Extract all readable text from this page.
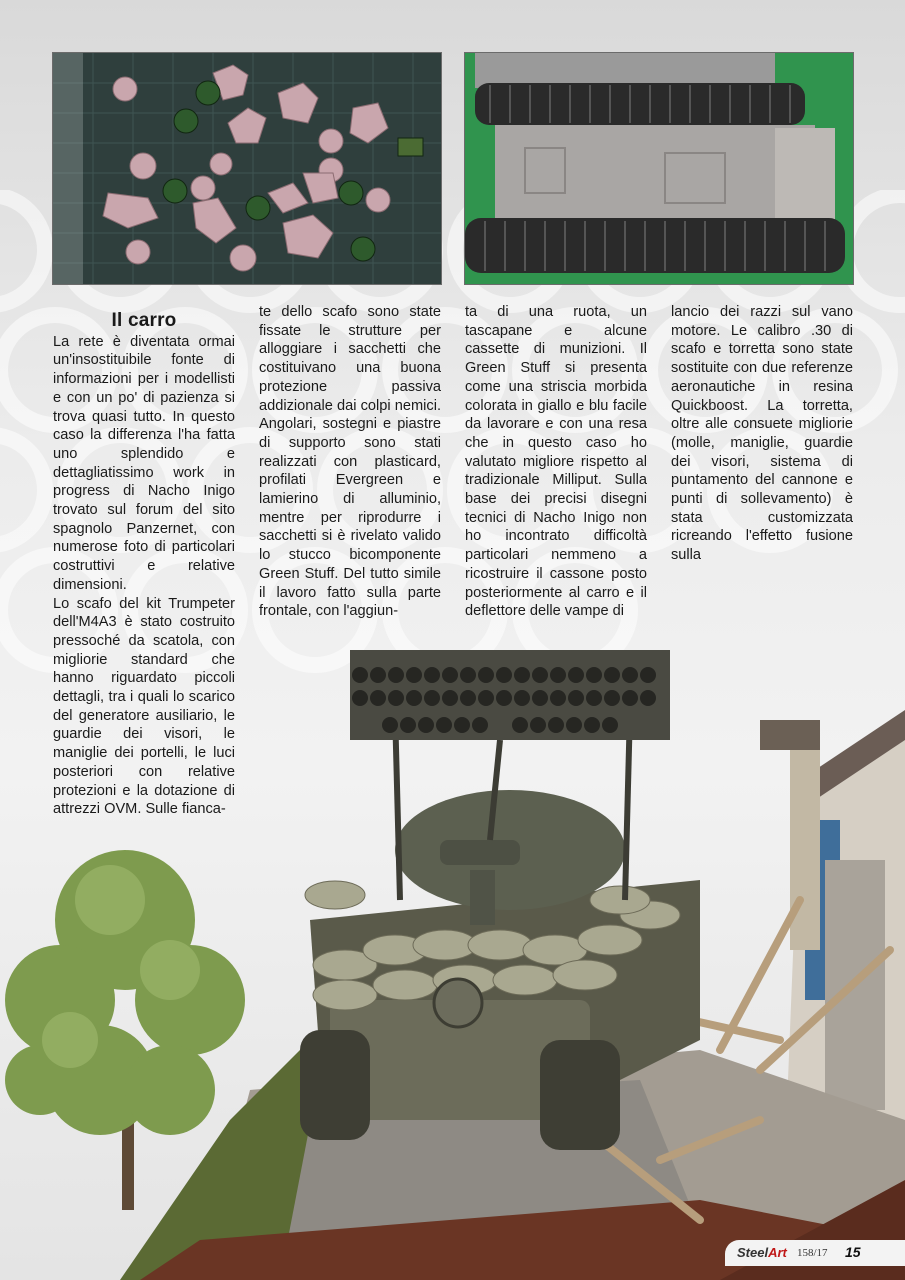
Il carro

La rete è diventata ormai un'insostituibile fonte di informazioni per i modellisti e con un po' di pazienza si trova quasi tutto. In questo caso la differenza l'ha fatta uno splendido e dettagliatissimo work in progress di Nacho Inigo trovato sul forum del sito spagnolo Panzernet, con numerose foto di particolari costruttivi e relative dimensioni.

Lo scafo del kit Trumpeter dell'M4A3 è stato costruito pressoché da scatola, con migliorie standard che hanno riguardato piccoli dettagli, tra i quali lo scarico del generatore ausiliario, le guardie dei visori, le maniglie dei portelli, le luci posteriori con relative protezioni e la dotazione di attrezzi OVM. Sulle fianca-

te dello scafo sono state fissate le strutture per alloggiare i sacchetti che costituivano una buona protezione passiva addizionale dai colpi nemici. Angolari, sostegni e piastre di supporto sono stati realizzati con plasticard, profilati Evergreen e lamierino di alluminio, mentre per riprodurre i sacchetti si è rivelato valido lo stucco bicomponente Green Stuff. Del tutto simile il lavoro fatto sulla parte frontale, con l'aggiun-

ta di una ruota, un tascapane e alcune cassette di munizioni. Il Green Stuff si presenta come una striscia morbida colorata in giallo e blu facile da lavorare e con una resa che in questo caso ho valutato migliore rispetto al tradizionale Milliput. Sulla base dei precisi disegni tecnici di Nacho Inigo non ho incontrato difficoltà particolari nemmeno a ricostruire il cassone posto posteriormente al carro e il deflettore delle vampe di

lancio dei razzi sul vano motore. Le calibro .30 di scafo e torretta sono state sostituite con due referenze aeronautiche in resina Quickboost. La torretta, oltre alle consuete migliorie (molle, maniglie, guardie dei visori, sistema di puntamento del cannone e punti di sollevamento) è stata customizzata ricreando l'effetto fusione sulla

SteelArt 158/17 15
